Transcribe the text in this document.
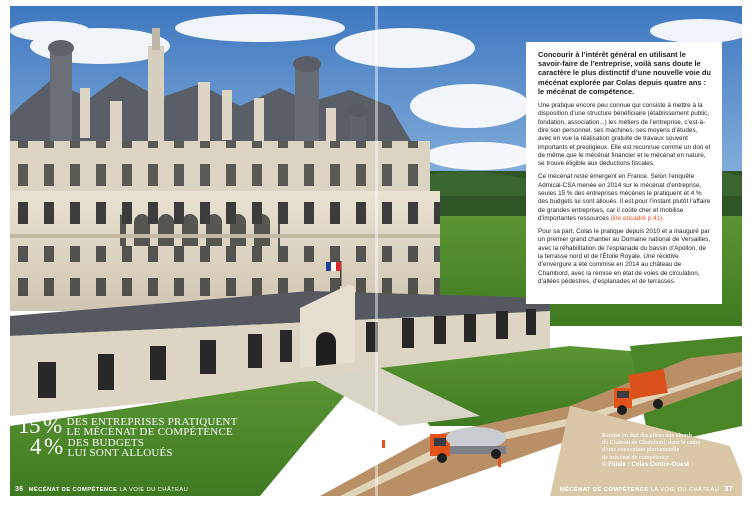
Concourir à l’intérêt général en utilisant le savoir-faire de l’entreprise, voilà sans doute le caractère le plus distinctif d’une nouvelle voie du mécénat explorée par Colas depuis quatre ans : le mécénat de compétence.

Une pratique encore peu connue qui consiste à mettre à la disposition d’une structure bénéficiaire (établissement public, fondation, association...) les métiers de l’entreprise, c’est-à-dire son personnel, ses machines, ses moyens d’études, avec en vue la réalisation gratuite de travaux souvent importants et prestigieux. Elle est reconnue comme un don et de même que le mécénat financier et le mécénat en nature, se trouve éligible aux déductions fiscales.

Ce mécénat reste émergent en France. Selon l’enquête Admical-CSA menée en 2014 sur le mécénat d’entreprise, seules 15 % des entreprises mécènes le pratiquent et 4 % des budgets lui sont alloués. Il est pour l’instant plutôt l’affaire de grandes entreprises, car il coûte cher et mobilise d’importantes ressources (lire encadré p.41).

Pour sa part, Colas le pratique depuis 2010 et a inauguré par un premier grand chantier au Domaine national de Versailles, avec la réhabilitation de l’esplanade du bassin d’Apollon, de la terrasse nord et de l’Étoile Royale. Une récidive d’envergure a été commise en 2014 au château de Chambord, avec la remise en état de voies de circulation, d’allées pédestres, d’esplanades et de terrasses.

15 % DES ENTREPRISES PRATIQUENT
LE MÉCÉNAT DE COMPÉTENCE
4 % DES BUDGETS
LUI SONT ALLOUÉS
Remise en état des allées aux abords
du Château de Chambord, dans le cadre
d’une convention pluriannuelle
de mécénat de compétence.
© Filiale : Colas Centre-Ouest
36 MÉCÉNAT DE COMPÉTENCE LA VOIE DU CHÂTEAU	MÉCÉNAT DE COMPÉTENCE LA VOIE DU CHÂTEAU 37
